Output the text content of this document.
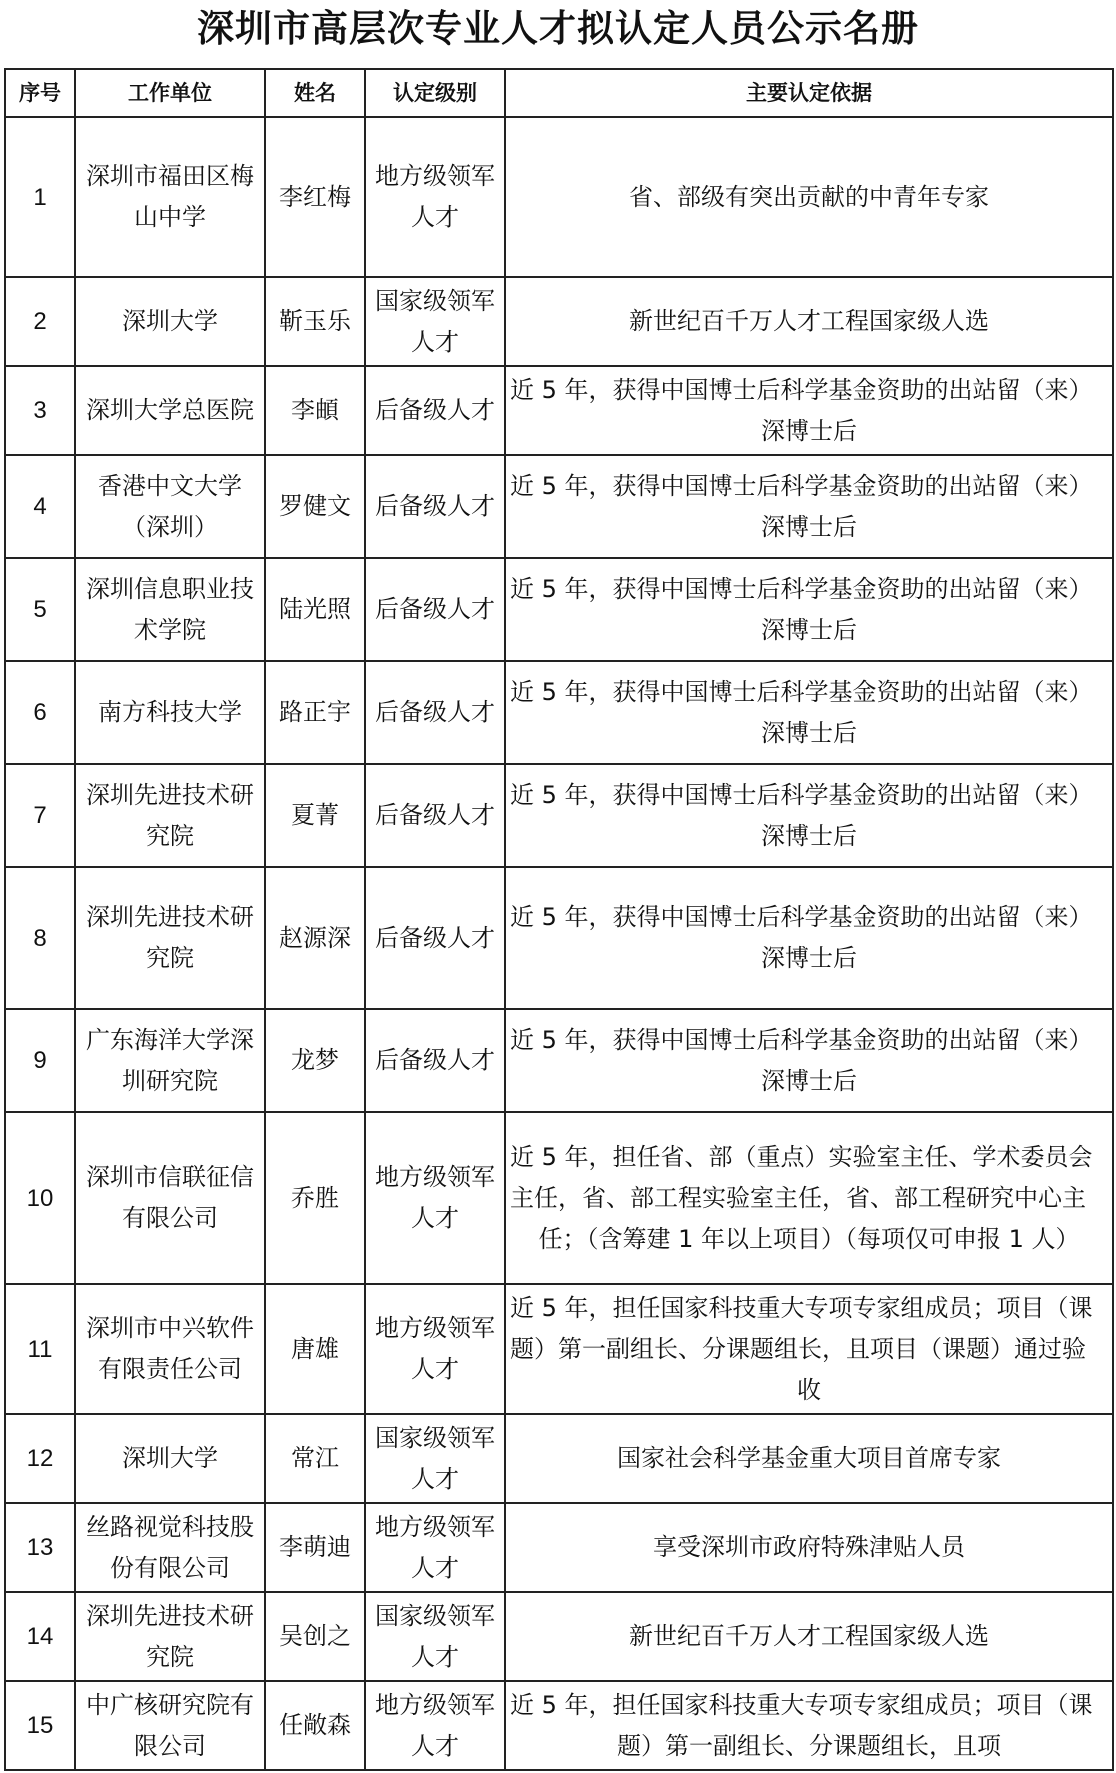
深圳市高层次专业人才拟认定人员公示名册
序号	工作单位	姓名	认定级别	主要认定依据
1	深圳市福田区梅山中学	李红梅	地方级领军人才	省、部级有突出贡献的中青年专家
2	深圳大学	靳玉乐	国家级领军人才	新世纪百千万人才工程国家级人选
3	深圳大学总医院	李頔	后备级人才	近 5 年，获得中国博士后科学基金资助的出站留（来）深博士后
4	香港中文大学（深圳）	罗健文	后备级人才	近 5 年，获得中国博士后科学基金资助的出站留（来）深博士后
5	深圳信息职业技术学院	陆光照	后备级人才	近 5 年，获得中国博士后科学基金资助的出站留（来）深博士后
6	南方科技大学	路正宇	后备级人才	近 5 年，获得中国博士后科学基金资助的出站留（来）深博士后
7	深圳先进技术研究院	夏菁	后备级人才	近 5 年，获得中国博士后科学基金资助的出站留（来）深博士后
8	深圳先进技术研究院	赵源深	后备级人才	近 5 年，获得中国博士后科学基金资助的出站留（来）深博士后
9	广东海洋大学深圳研究院	龙梦	后备级人才	近 5 年，获得中国博士后科学基金资助的出站留（来）深博士后
10	深圳市信联征信有限公司	乔胜	地方级领军人才	近 5 年，担任省、部（重点）实验室主任、学术委员会主任，省、部工程实验室主任，省、部工程研究中心主任；（含筹建 1 年以上项目）（每项仅可申报 1 人）
11	深圳市中兴软件有限责任公司	唐雄	地方级领军人才	近 5 年，担任国家科技重大专项专家组成员；项目（课题）第一副组长、分课题组长，且项目（课题）通过验收
12	深圳大学	常江	国家级领军人才	国家社会科学基金重大项目首席专家
13	丝路视觉科技股份有限公司	李萌迪	地方级领军人才	享受深圳市政府特殊津贴人员
14	深圳先进技术研究院	吴创之	国家级领军人才	新世纪百千万人才工程国家级人选
15	中广核研究院有限公司	任敞森	地方级领军人才	近 5 年，担任国家科技重大专项专家组成员；项目（课题）第一副组长、分课题组长，且项
